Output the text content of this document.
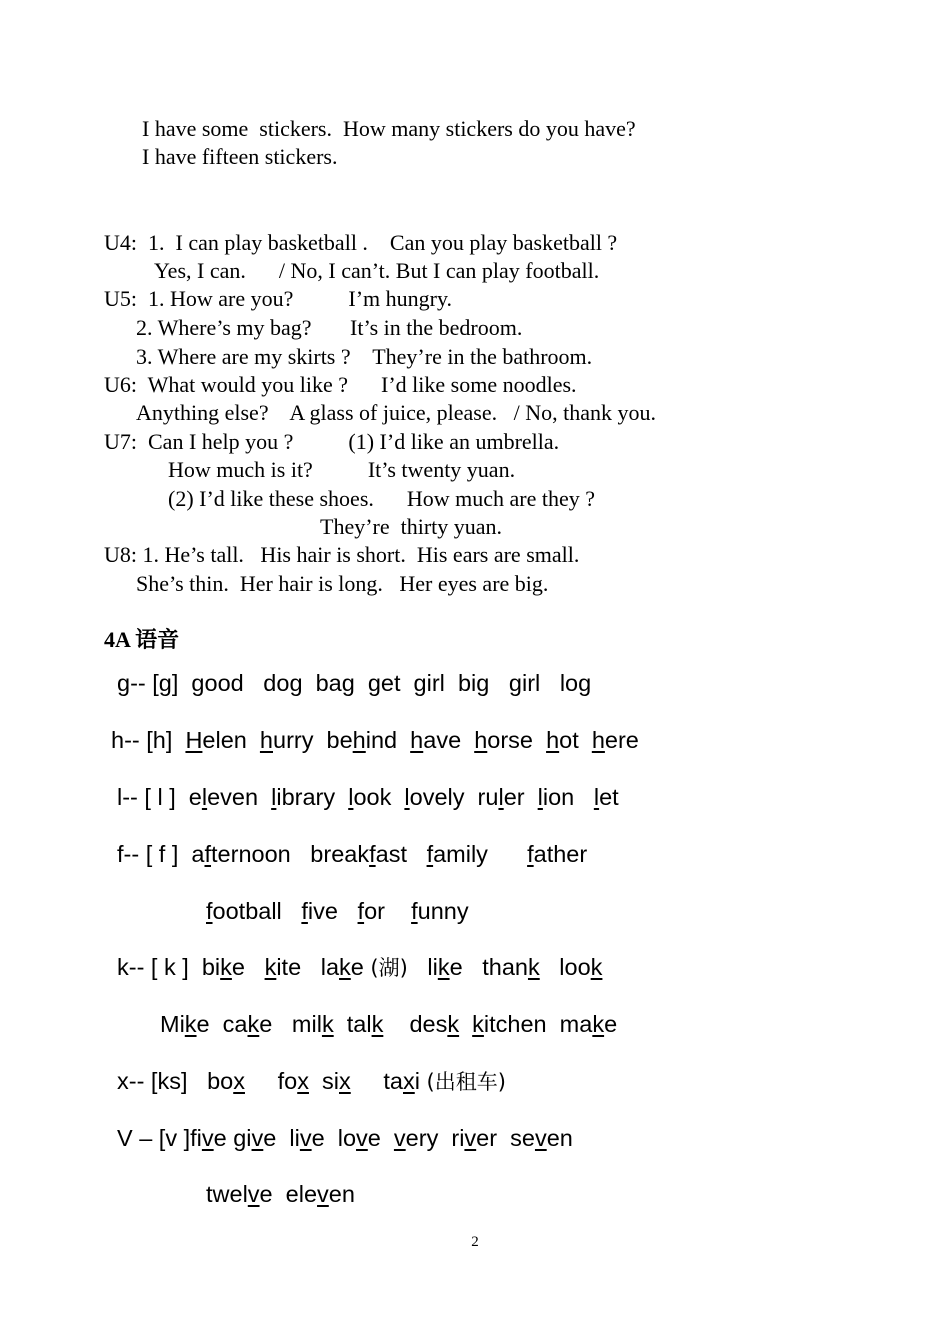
I have some  stickers.  How many stickers do you have?
I have fifteen stickers.
U4:  1.  I can play basketball .    Can you play basketball ?
Yes, I can.      / No, I can’t. But I can play football.
U5:  1. How are you?          I’m hungry.
2. Where’s my bag?       It’s in the bedroom.
3. Where are my skirts ?    They’re in the bathroom.
U6:  What would you like ?      I’d like some noodles.
Anything else?    A glass of juice, please.   / No, thank you.
U7:  Can I help you ?          (1) I’d like an umbrella.
How much is it?          It’s twenty yuan.
(2) I’d like these shoes.      How much are they ?
They’re  thirty yuan.
U8: 1. He’s tall.   His hair is short.  His ears are small.
She’s thin.  Her hair is long.   Her eyes are big.
4A 语音
g-- [g]  good   dog  bag  get  girl  big   girl   log
h-- [h]  Helen  hurry  behind  have  horse  hot  here
l-- [ l ]  eleven  library  look  lovely  ruler  lion   let
f-- [ f ]  afternoon   breakfast   family      father
football   five   for    funny
k-- [ k ]  bike   kite   lake (湖)   like   thank   look
Mike  cake   milk  talk    desk kitchen  make
x-- [ks]   box     fox  six     taxi (出租车)
V – [v ]five give  live  love  very  river  seven
twelve  eleven
2
